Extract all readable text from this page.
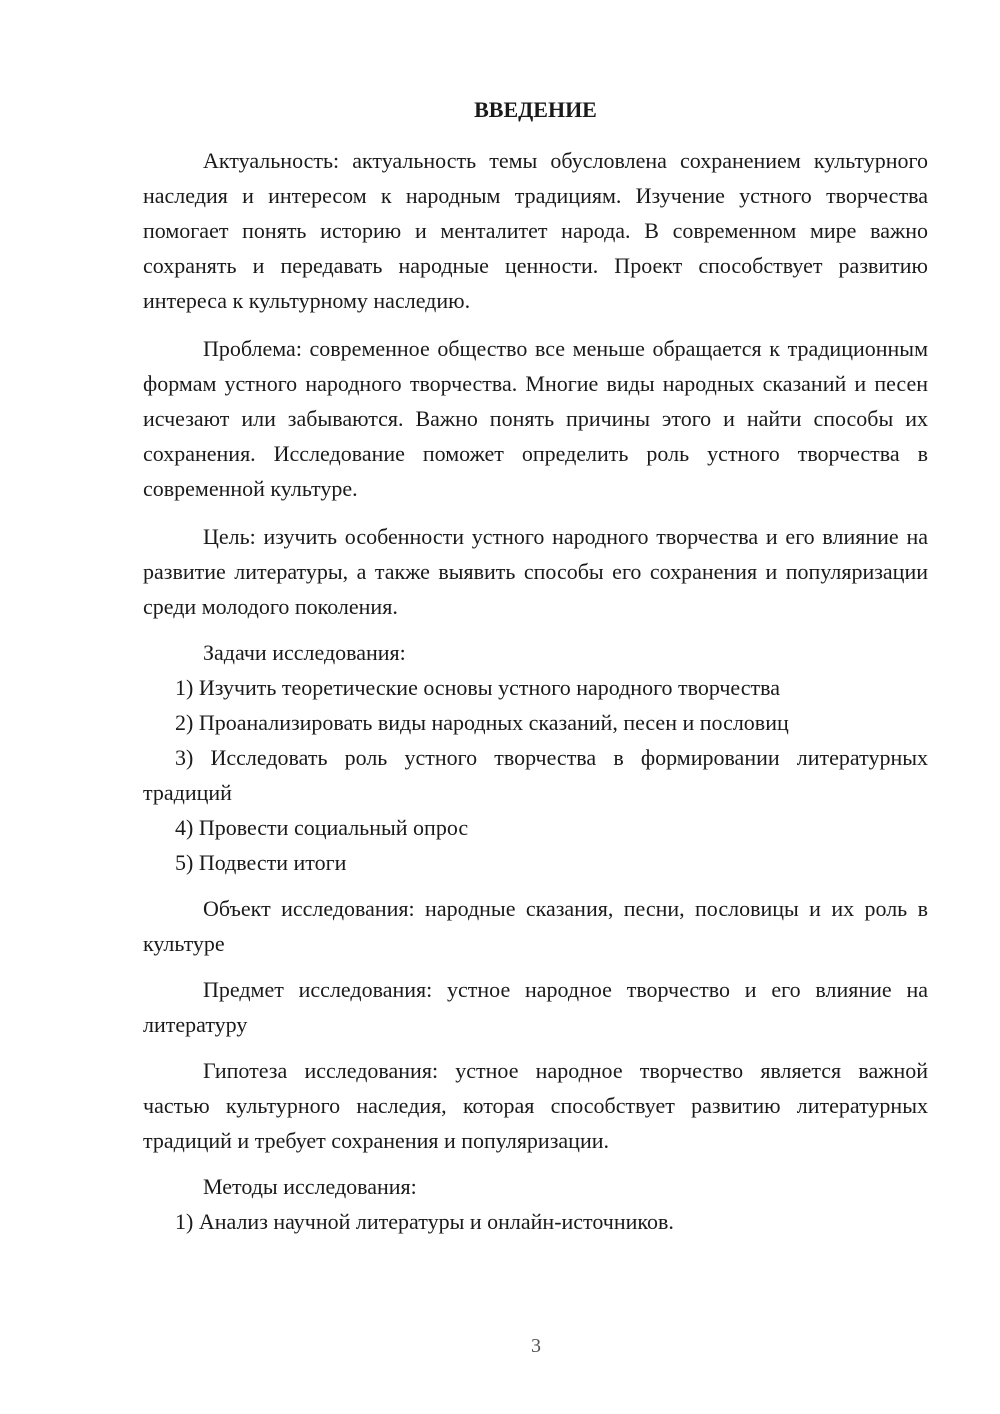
ВВЕДЕНИЕ

Актуальность: актуальность темы обусловлена сохранением культурного наследия и интересом к народным традициям. Изучение устного творчества помогает понять историю и менталитет народа. В современном мире важно сохранять и передавать народные ценности. Проект способствует развитию интереса к культурному наследию.

Проблема: современное общество все меньше обращается к традиционным формам устного народного творчества. Многие виды народных сказаний и песен исчезают или забываются. Важно понять причины этого и найти способы их сохранения. Исследование поможет определить роль устного творчества в современной культуре.

Цель: изучить особенности устного народного творчества и его влияние на развитие литературы, а также выявить способы его сохранения и популяризации среди молодого поколения.

Задачи исследования:

1) Изучить теоретические основы устного народного творчества

2) Проанализировать виды народных сказаний, песен и пословиц

3) Исследовать роль устного творчества в формировании литературных традиций

4) Провести социальный опрос

5) Подвести итоги

Объект исследования: народные сказания, песни, пословицы и их роль в культуре

Предмет исследования: устное народное творчество и его влияние на литературу

Гипотеза исследования: устное народное творчество является важной частью культурного наследия, которая способствует развитию литературных традиций и требует сохранения и популяризации.

Методы исследования:

1) Анализ научной литературы и онлайн-источников.

3
